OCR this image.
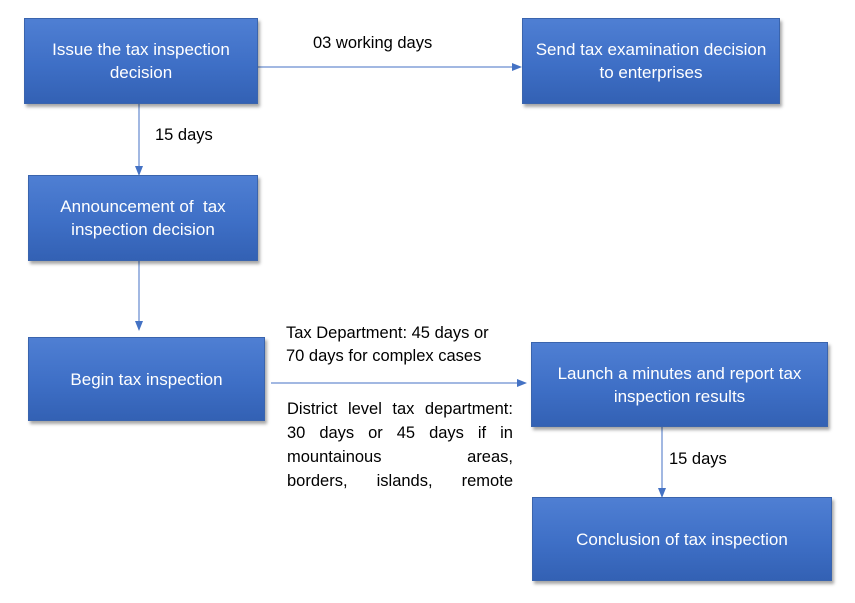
Issue the tax inspection decision
Send tax examination decision to enterprises
Announcement of  tax inspection decision
Begin tax inspection	Launch a minutes and report tax inspection results
Conclusion of tax inspection
03 working days
15 days
Tax Department: 45 days or
70 days for complex cases
District level tax department:
30 days or 45 days if in
mountainous	areas,
borders, islands, remote
15 days
